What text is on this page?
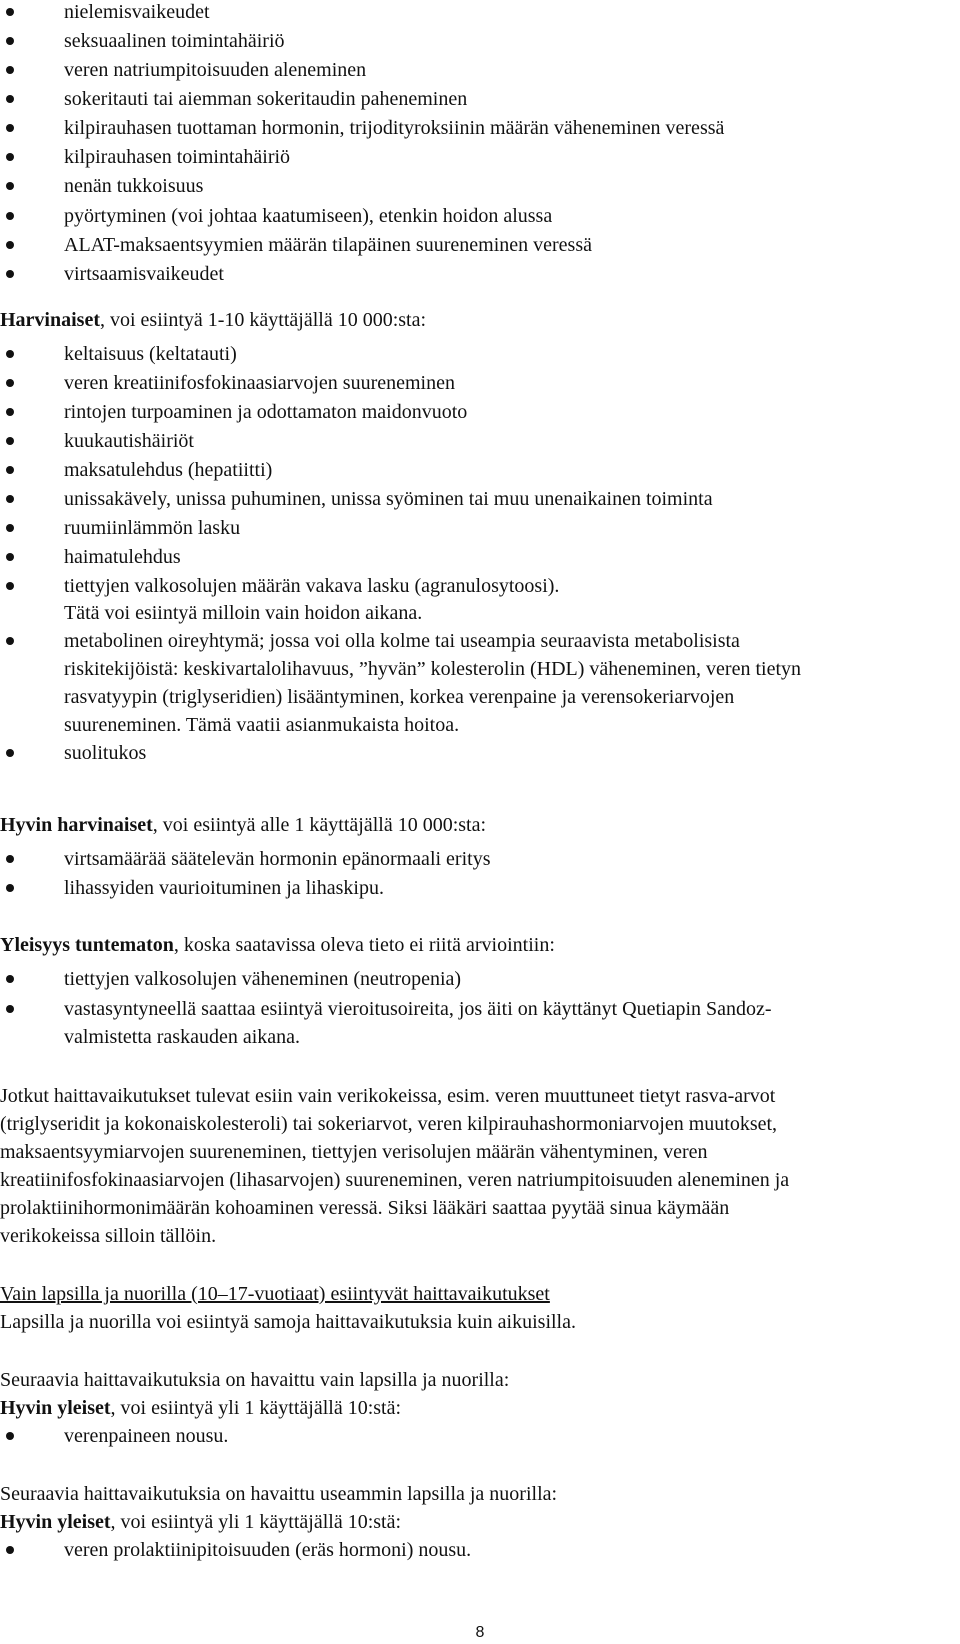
nielemisvaikeudet
seksuaalinen toimintahäiriö
veren natriumpitoisuuden aleneminen
sokeritauti tai aiemman sokeritaudin paheneminen
kilpirauhasen tuottaman hormonin, trijodityroksiinin määrän väheneminen veressä
kilpirauhasen toimintahäiriö
nenän tukkoisuus
pyörtyminen (voi johtaa kaatumiseen), etenkin hoidon alussa
ALAT-maksaentsyymien määrän tilapäinen suureneminen veressä
virtsaamisvaikeudet
Harvinaiset, voi esiintyä 1-10 käyttäjällä 10 000:sta:
keltaisuus (keltatauti)
veren kreatiinifosfokinaasiarvojen suureneminen
rintojen turpoaminen ja odottamaton maidonvuoto
kuukautishäiriöt
maksatulehdus (hepatiitti)
unissakävely, unissa puhuminen, unissa syöminen tai muu unenaikainen toiminta
ruumiinlämmön lasku
haimatulehdus
tiettyjen valkosolujen määrän vakava lasku (agranulosytoosi).
Tätä voi esiintyä milloin vain hoidon aikana.
metabolinen oireyhtymä; jossa voi olla kolme tai useampia seuraavista metabolisista
riskitekijöistä: keskivartalolihavuus, ”hyvän” kolesterolin (HDL) väheneminen, veren tietyn
rasvatyypin (triglyseridien) lisääntyminen, korkea verenpaine ja verensokeriarvojen
suureneminen. Tämä vaatii asianmukaista hoitoa.
suolitukos
Hyvin harvinaiset, voi esiintyä alle 1 käyttäjällä 10 000:sta:
virtsamäärää säätelevän hormonin epänormaali eritys
lihassyiden vaurioituminen ja lihaskipu.
Yleisyys tuntematon, koska saatavissa oleva tieto ei riitä arviointiin:
tiettyjen valkosolujen väheneminen (neutropenia)
vastasyntyneellä saattaa esiintyä vieroitusoireita, jos äiti on käyttänyt Quetiapin Sandoz-
valmistetta raskauden aikana.
Jotkut haittavaikutukset tulevat esiin vain verikokeissa, esim. veren muuttuneet tietyt rasva-arvot
(triglyseridit ja kokonaiskolesteroli) tai sokeriarvot, veren kilpirauhashormoniarvojen muutokset,
maksaentsyymiarvojen suureneminen, tiettyjen verisolujen määrän vähentyminen, veren
kreatiinifosfokinaasiarvojen (lihasarvojen) suureneminen, veren natriumpitoisuuden aleneminen ja
prolaktiinihormonimäärän kohoaminen veressä. Siksi lääkäri saattaa pyytää sinua käymään
verikokeissa silloin tällöin.
Vain lapsilla ja nuorilla (10–17-vuotiaat) esiintyvät haittavaikutukset
Lapsilla ja nuorilla voi esiintyä samoja haittavaikutuksia kuin aikuisilla.
Seuraavia haittavaikutuksia on havaittu vain lapsilla ja nuorilla:
Hyvin yleiset, voi esiintyä yli 1 käyttäjällä 10:stä:
verenpaineen nousu.
Seuraavia haittavaikutuksia on havaittu useammin lapsilla ja nuorilla:
Hyvin yleiset, voi esiintyä yli 1 käyttäjällä 10:stä:
veren prolaktiinipitoisuuden (eräs hormoni) nousu.
8
